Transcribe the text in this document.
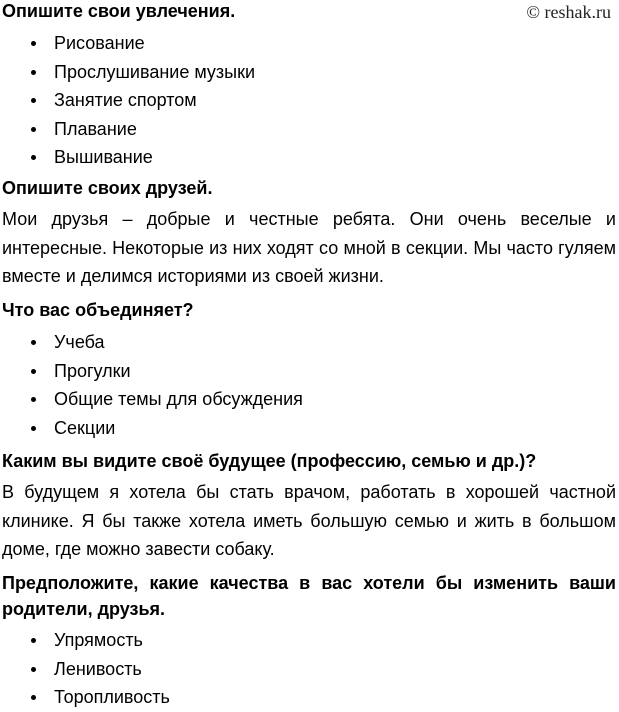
© reshak.ru
Опишите свои увлечения.
Рисование
Прослушивание музыки
Занятие спортом
Плавание
Вышивание
Опишите своих друзей.

Мои друзья – добрые и честные ребята. Они очень веселые и интересные. Некоторые из них ходят со мной в секции. Мы часто гуляем вместе и делимся историями из своей жизни.

Что вас объединяет?
Учеба
Прогулки
Общие темы для обсуждения
Секции
Каким вы видите своё будущее (профессию, семью и др.)?

В будущем я хотела бы стать врачом, работать в хорошей частной клинике. Я бы также хотела иметь большую семью и жить в большом доме, где можно завести собаку.

Предположите, какие качества в вас хотели бы изменить ваши родители, друзья.
Упрямость
Ленивость
Торопливость
